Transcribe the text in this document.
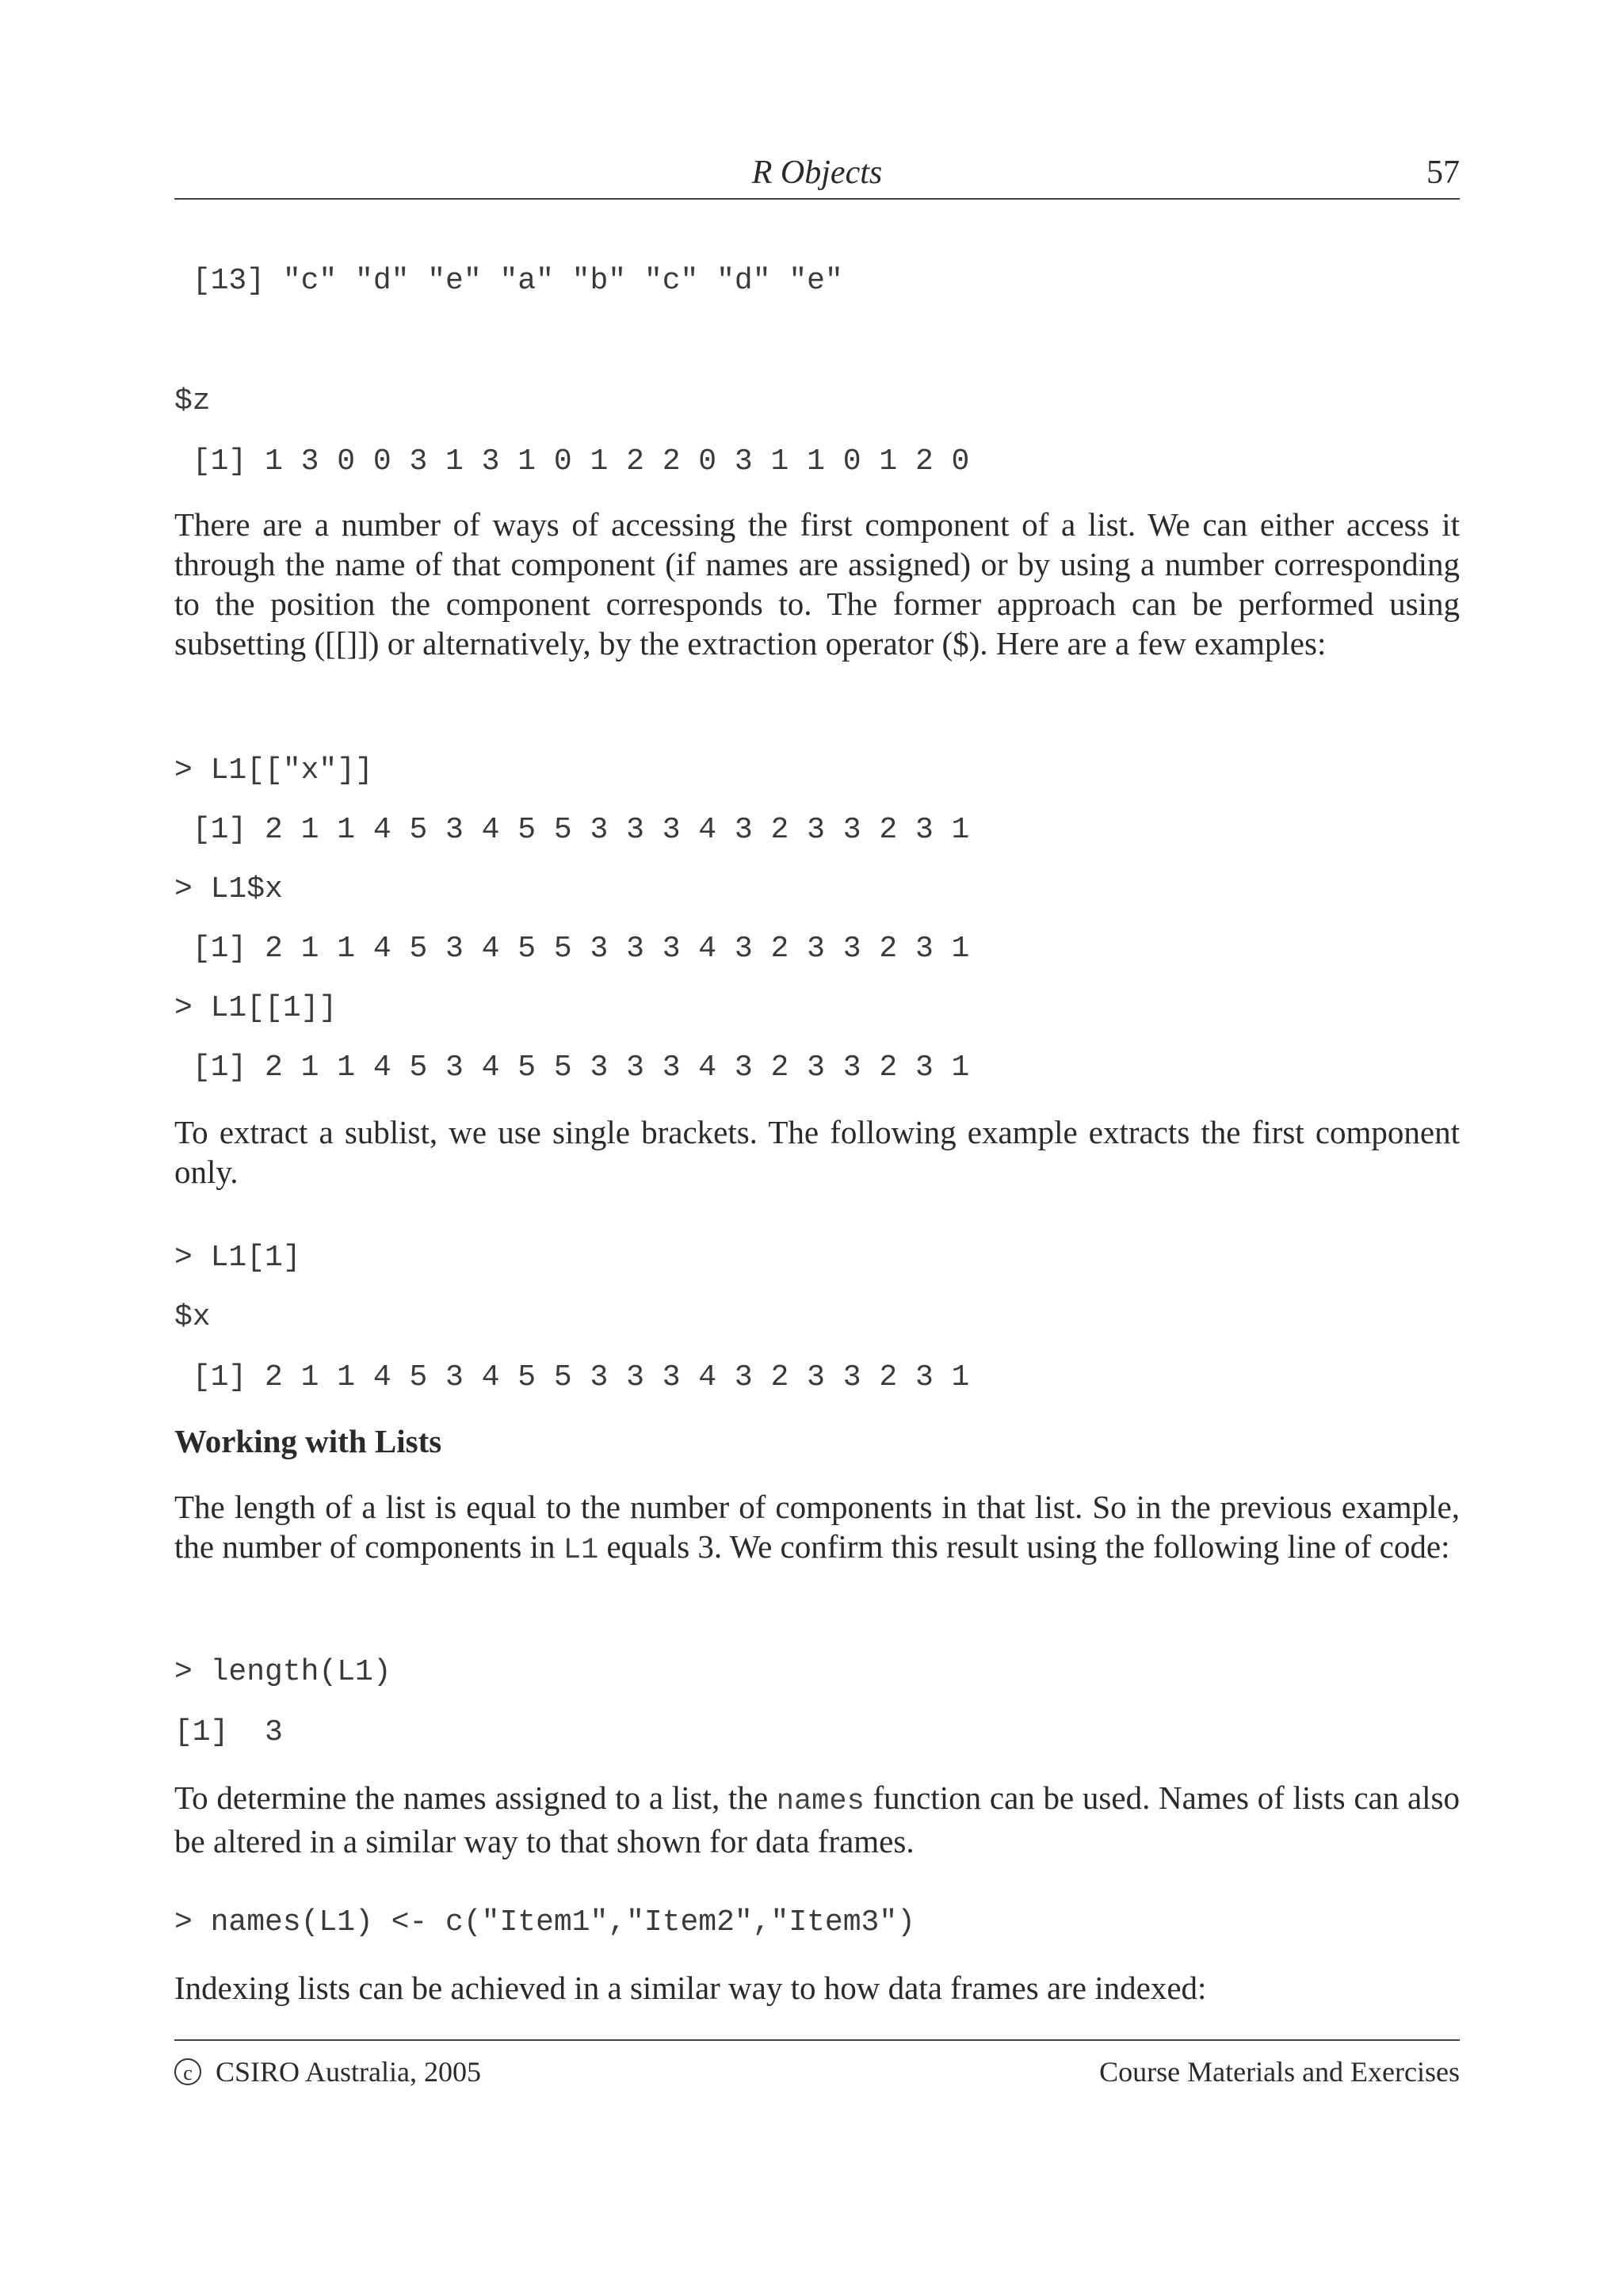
R Objects	57
[13] "c" "d" "e" "a" "b" "c" "d" "e"
$z
[1] 1 3 0 0 3 1 3 1 0 1 2 2 0 3 1 1 0 1 2 0
There are a number of ways of accessing the first component of a list. We can either access it through the name of that component (if names are assigned) or by using a number corresponding to the position the component corresponds to. The former approach can be performed using subsetting ([[]]) or alternatively, by the extraction operator ($). Here are a few examples:
> L1[["x"]]
[1] 2 1 1 4 5 3 4 5 5 3 3 3 4 3 2 3 3 2 3 1
> L1$x
[1] 2 1 1 4 5 3 4 5 5 3 3 3 4 3 2 3 3 2 3 1
> L1[[1]]
[1] 2 1 1 4 5 3 4 5 5 3 3 3 4 3 2 3 3 2 3 1
To extract a sublist, we use single brackets. The following example extracts the first component only.
> L1[1]
$x
[1] 2 1 1 4 5 3 4 5 5 3 3 3 4 3 2 3 3 2 3 1
Working with Lists
The length of a list is equal to the number of components in that list. So in the previous example, the number of components in L1 equals 3. We confirm this result using the following line of code:
> length(L1)
[1]  3
To determine the names assigned to a list, the names function can be used. Names of lists can also be altered in a similar way to that shown for data frames.
> names(L1) <- c("Item1","Item2","Item3")
Indexing lists can be achieved in a similar way to how data frames are indexed:
c CSIRO Australia, 2005	Course Materials and Exercises
